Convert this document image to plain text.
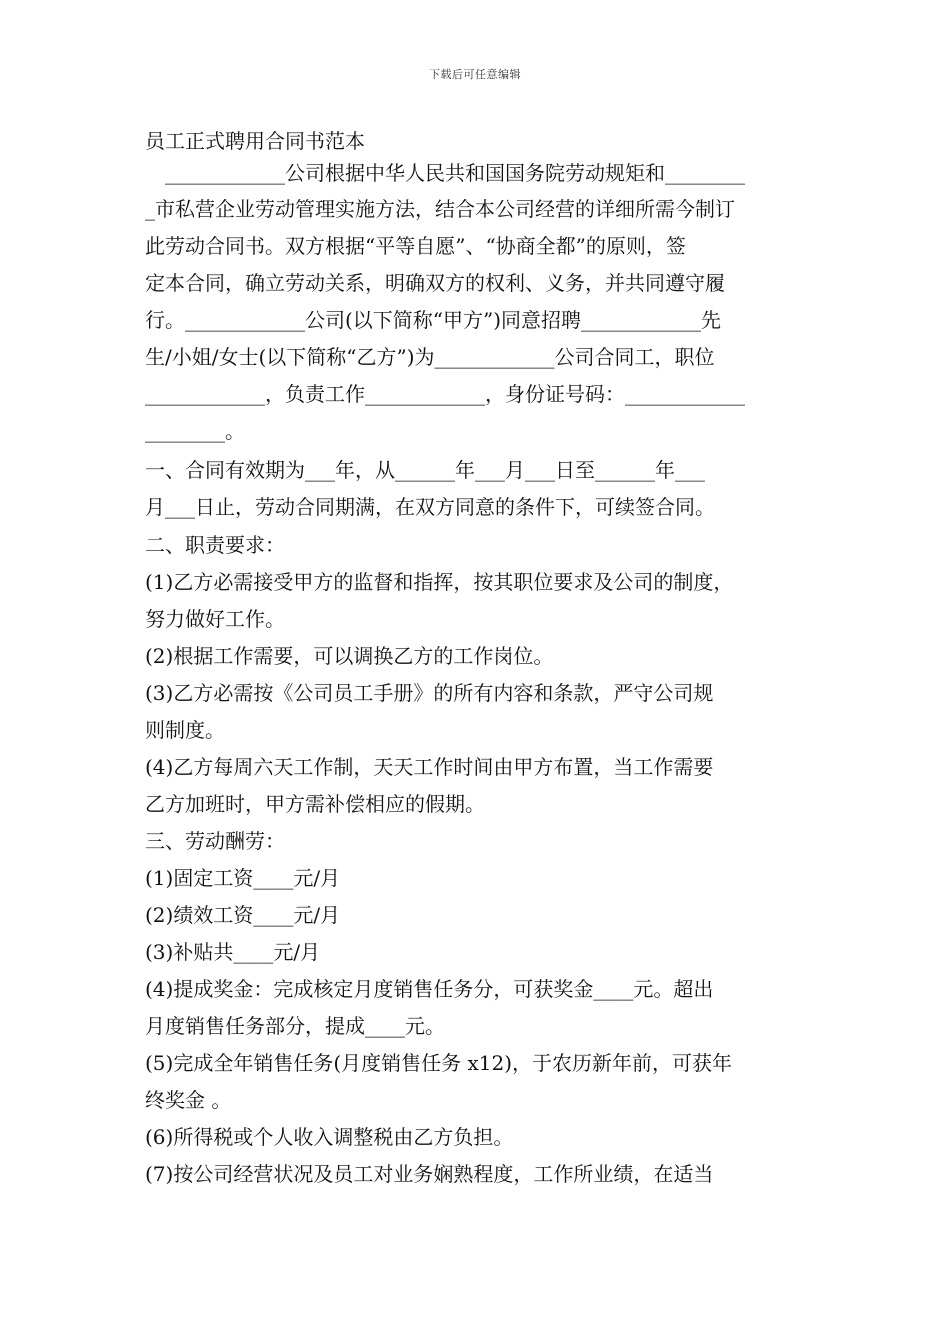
下载后可任意编辑
员工正式聘用合同书范本
　____________公司根据中华人民共和国国务院劳动规矩和________
_市私营企业劳动管理实施方法，结合本公司经营的详细所需今制订
此劳动合同书。双方根据“平等自愿”、“协商全都”的原则，签
定本合同，确立劳动关系，明确双方的权利、义务，并共同遵守履
行。____________公司(以下简称“甲方”)同意招聘____________先
生/小姐/女士(以下简称“乙方”)为____________公司合同工，职位
____________，负责工作____________，身份证号码：____________
________。
一、合同有效期为___年，从______年___月___日至______年___
月___日止，劳动合同期满，在双方同意的条件下，可续签合同。
二、职责要求：
(1)乙方必需接受甲方的监督和指挥，按其职位要求及公司的制度，
努力做好工作。
(2)根据工作需要，可以调换乙方的工作岗位。
(3)乙方必需按《公司员工手册》的所有内容和条款，严守公司规
则制度。
(4)乙方每周六天工作制，天天工作时间由甲方布置，当工作需要
乙方加班时，甲方需补偿相应的假期。
三、劳动酬劳：
(1)固定工资____元/月
(2)绩效工资____元/月
(3)补贴共____元/月
(4)提成奖金：完成核定月度销售任务分，可获奖金____元。超出
月度销售任务部分，提成____元。
(5)完成全年销售任务(月度销售任务 x12)，于农历新年前，可获年
终奖金 。
(6)所得税或个人收入调整税由乙方负担。
(7)按公司经营状况及员工对业务娴熟程度，工作所业绩，在适当
